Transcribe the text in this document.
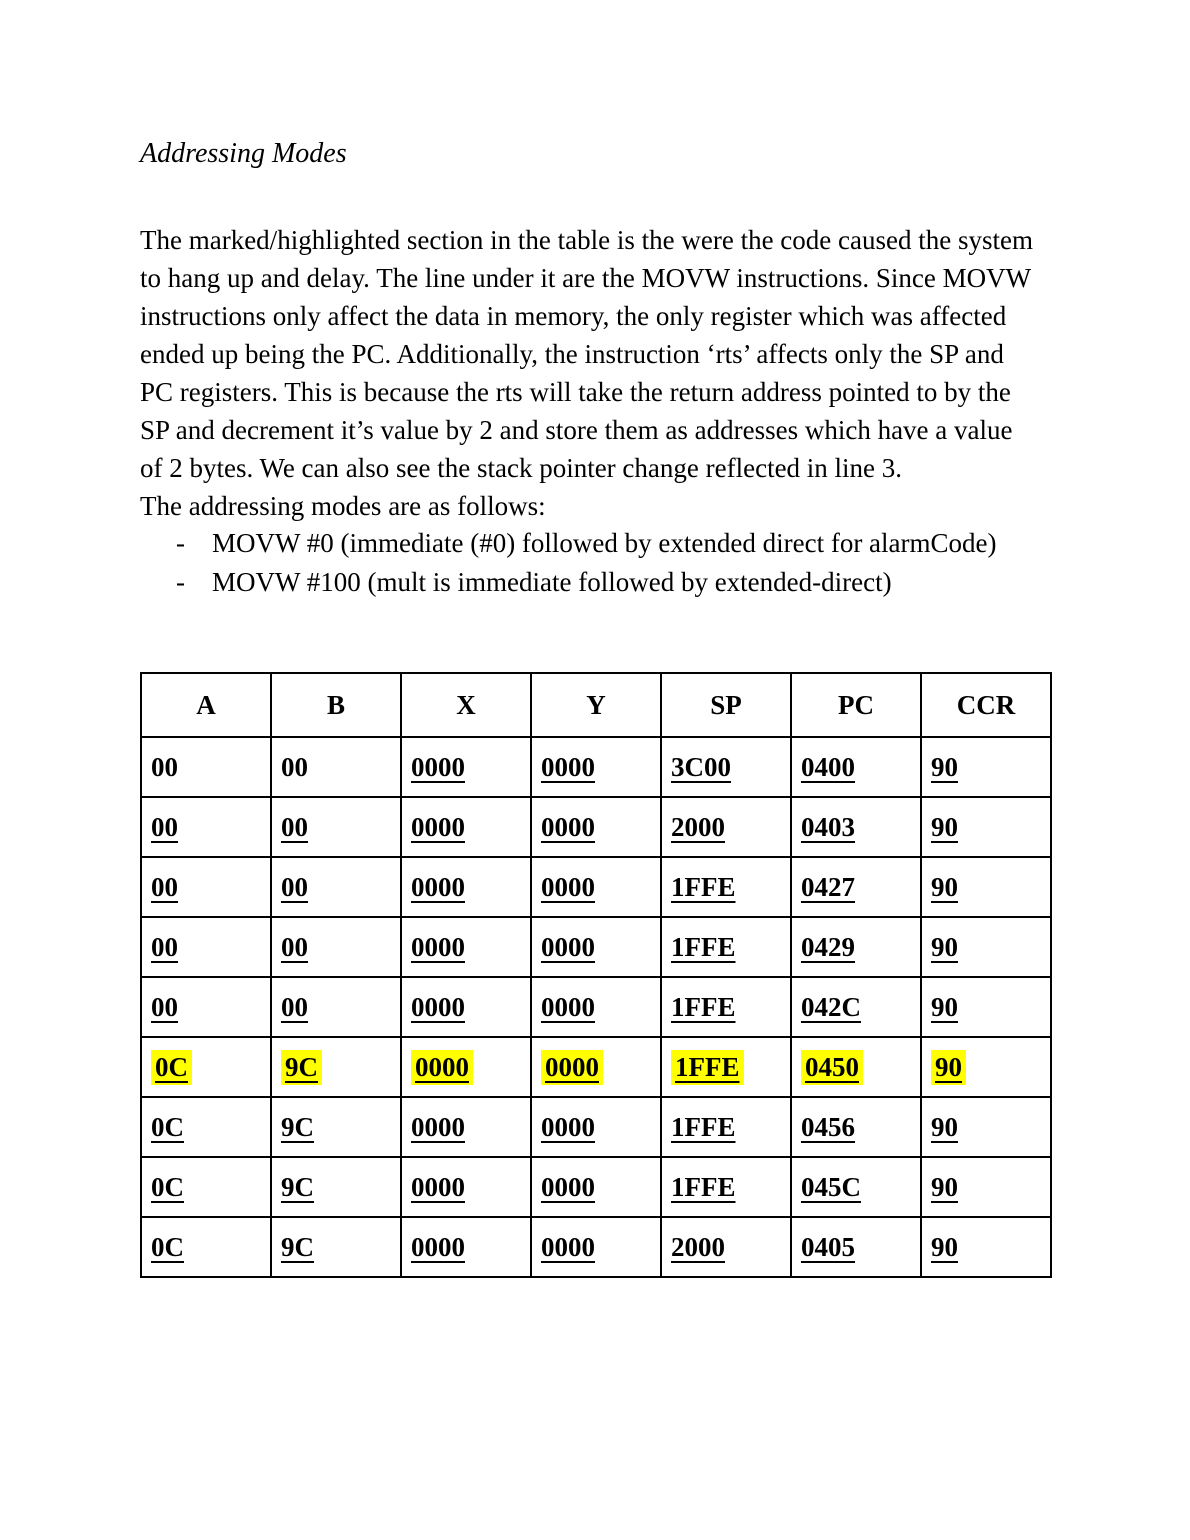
Addressing Modes
The marked/highlighted section in the table is the were the code caused the system
to hang up and delay. The line under it are the MOVW instructions. Since MOVW
instructions only affect the data in memory, the only register which was affected
ended up being the PC. Additionally, the instruction ‘rts’ affects only the SP and
PC registers. This is because the rts will take the return address pointed to by the
SP and decrement it’s value by 2 and store them as addresses which have a value
of 2 bytes. We can also see the stack pointer change reflected in line 3.
The addressing modes are as follows:
-	MOVW #0 (immediate (#0) followed by extended direct for alarmCode)
-	MOVW #100 (mult is immediate followed by extended-direct)
A	B	X	Y	SP	PC	CCR
00	00	0000	0000	3C00	0400	90
00	00	0000	0000	2000	0403	90
00	00	0000	0000	1FFE	0427	90
00	00	0000	0000	1FFE	0429	90
00	00	0000	0000	1FFE	042C	90
0C	9C	0000	0000	1FFE	0450	90
0C	9C	0000	0000	1FFE	0456	90
0C	9C	0000	0000	1FFE	045C	90
0C	9C	0000	0000	2000	0405	90
